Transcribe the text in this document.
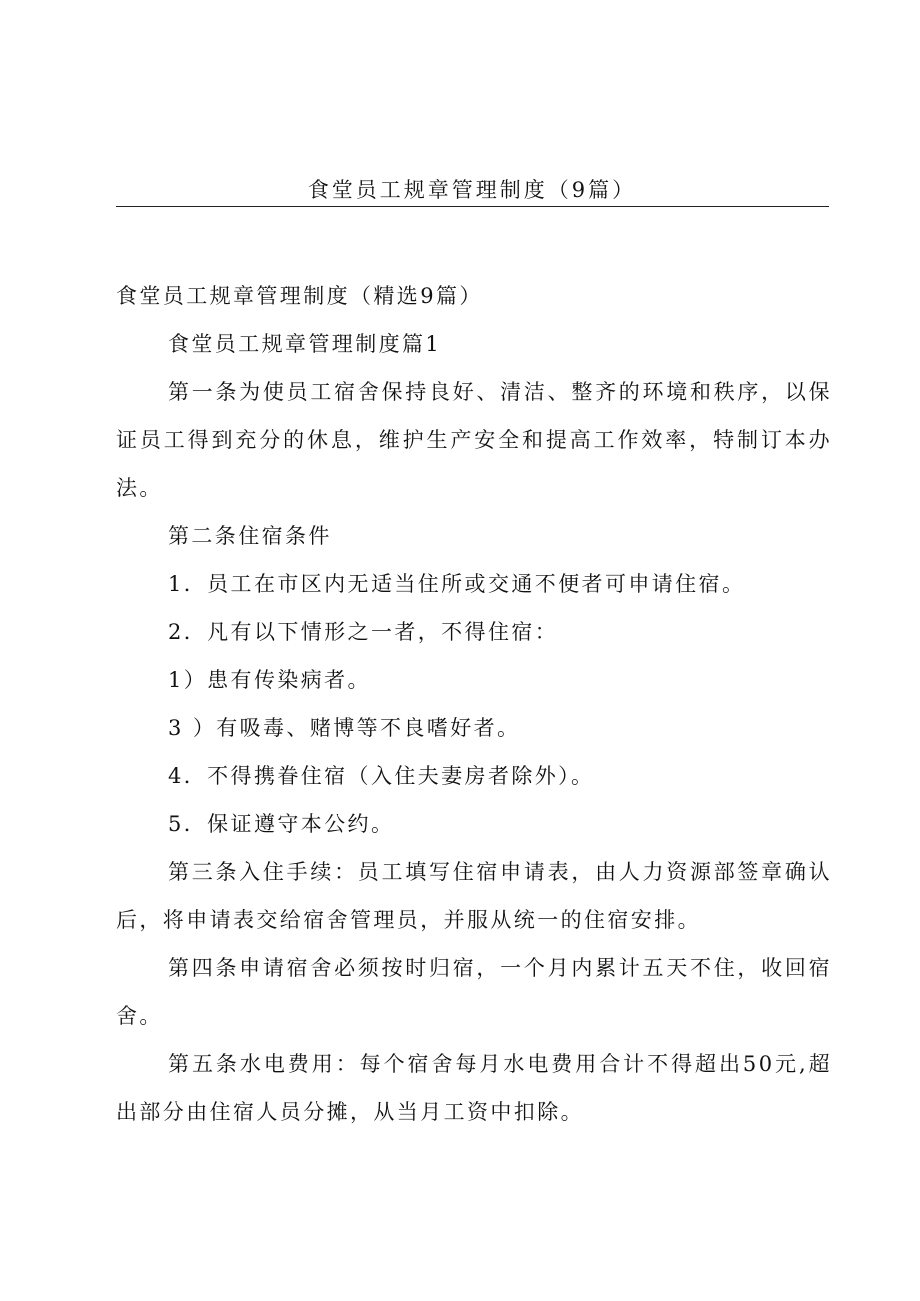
食堂员工规章管理制度（9篇）

食堂员工规章管理制度（精选9篇）

食堂员工规章管理制度篇1

第一条为使员工宿舍保持良好、清洁、整齐的环境和秩序，以保证员工得到充分的休息，维护生产安全和提高工作效率，特制订本办法。

第二条住宿条件

1．员工在市区内无适当住所或交通不便者可申请住宿。

2．凡有以下情形之一者，不得住宿：

1）患有传染病者。

3 ）有吸毒、赌博等不良嗜好者。

4．不得携眷住宿（入住夫妻房者除外）。

5．保证遵守本公约。

第三条入住手续：员工填写住宿申请表，由人力资源部签章确认后，将申请表交给宿舍管理员，并服从统一的住宿安排。

第四条申请宿舍必须按时归宿，一个月内累计五天不住，收回宿舍。

第五条水电费用：每个宿舍每月水电费用合计不得超出50元,超出部分由住宿人员分摊，从当月工资中扣除。
